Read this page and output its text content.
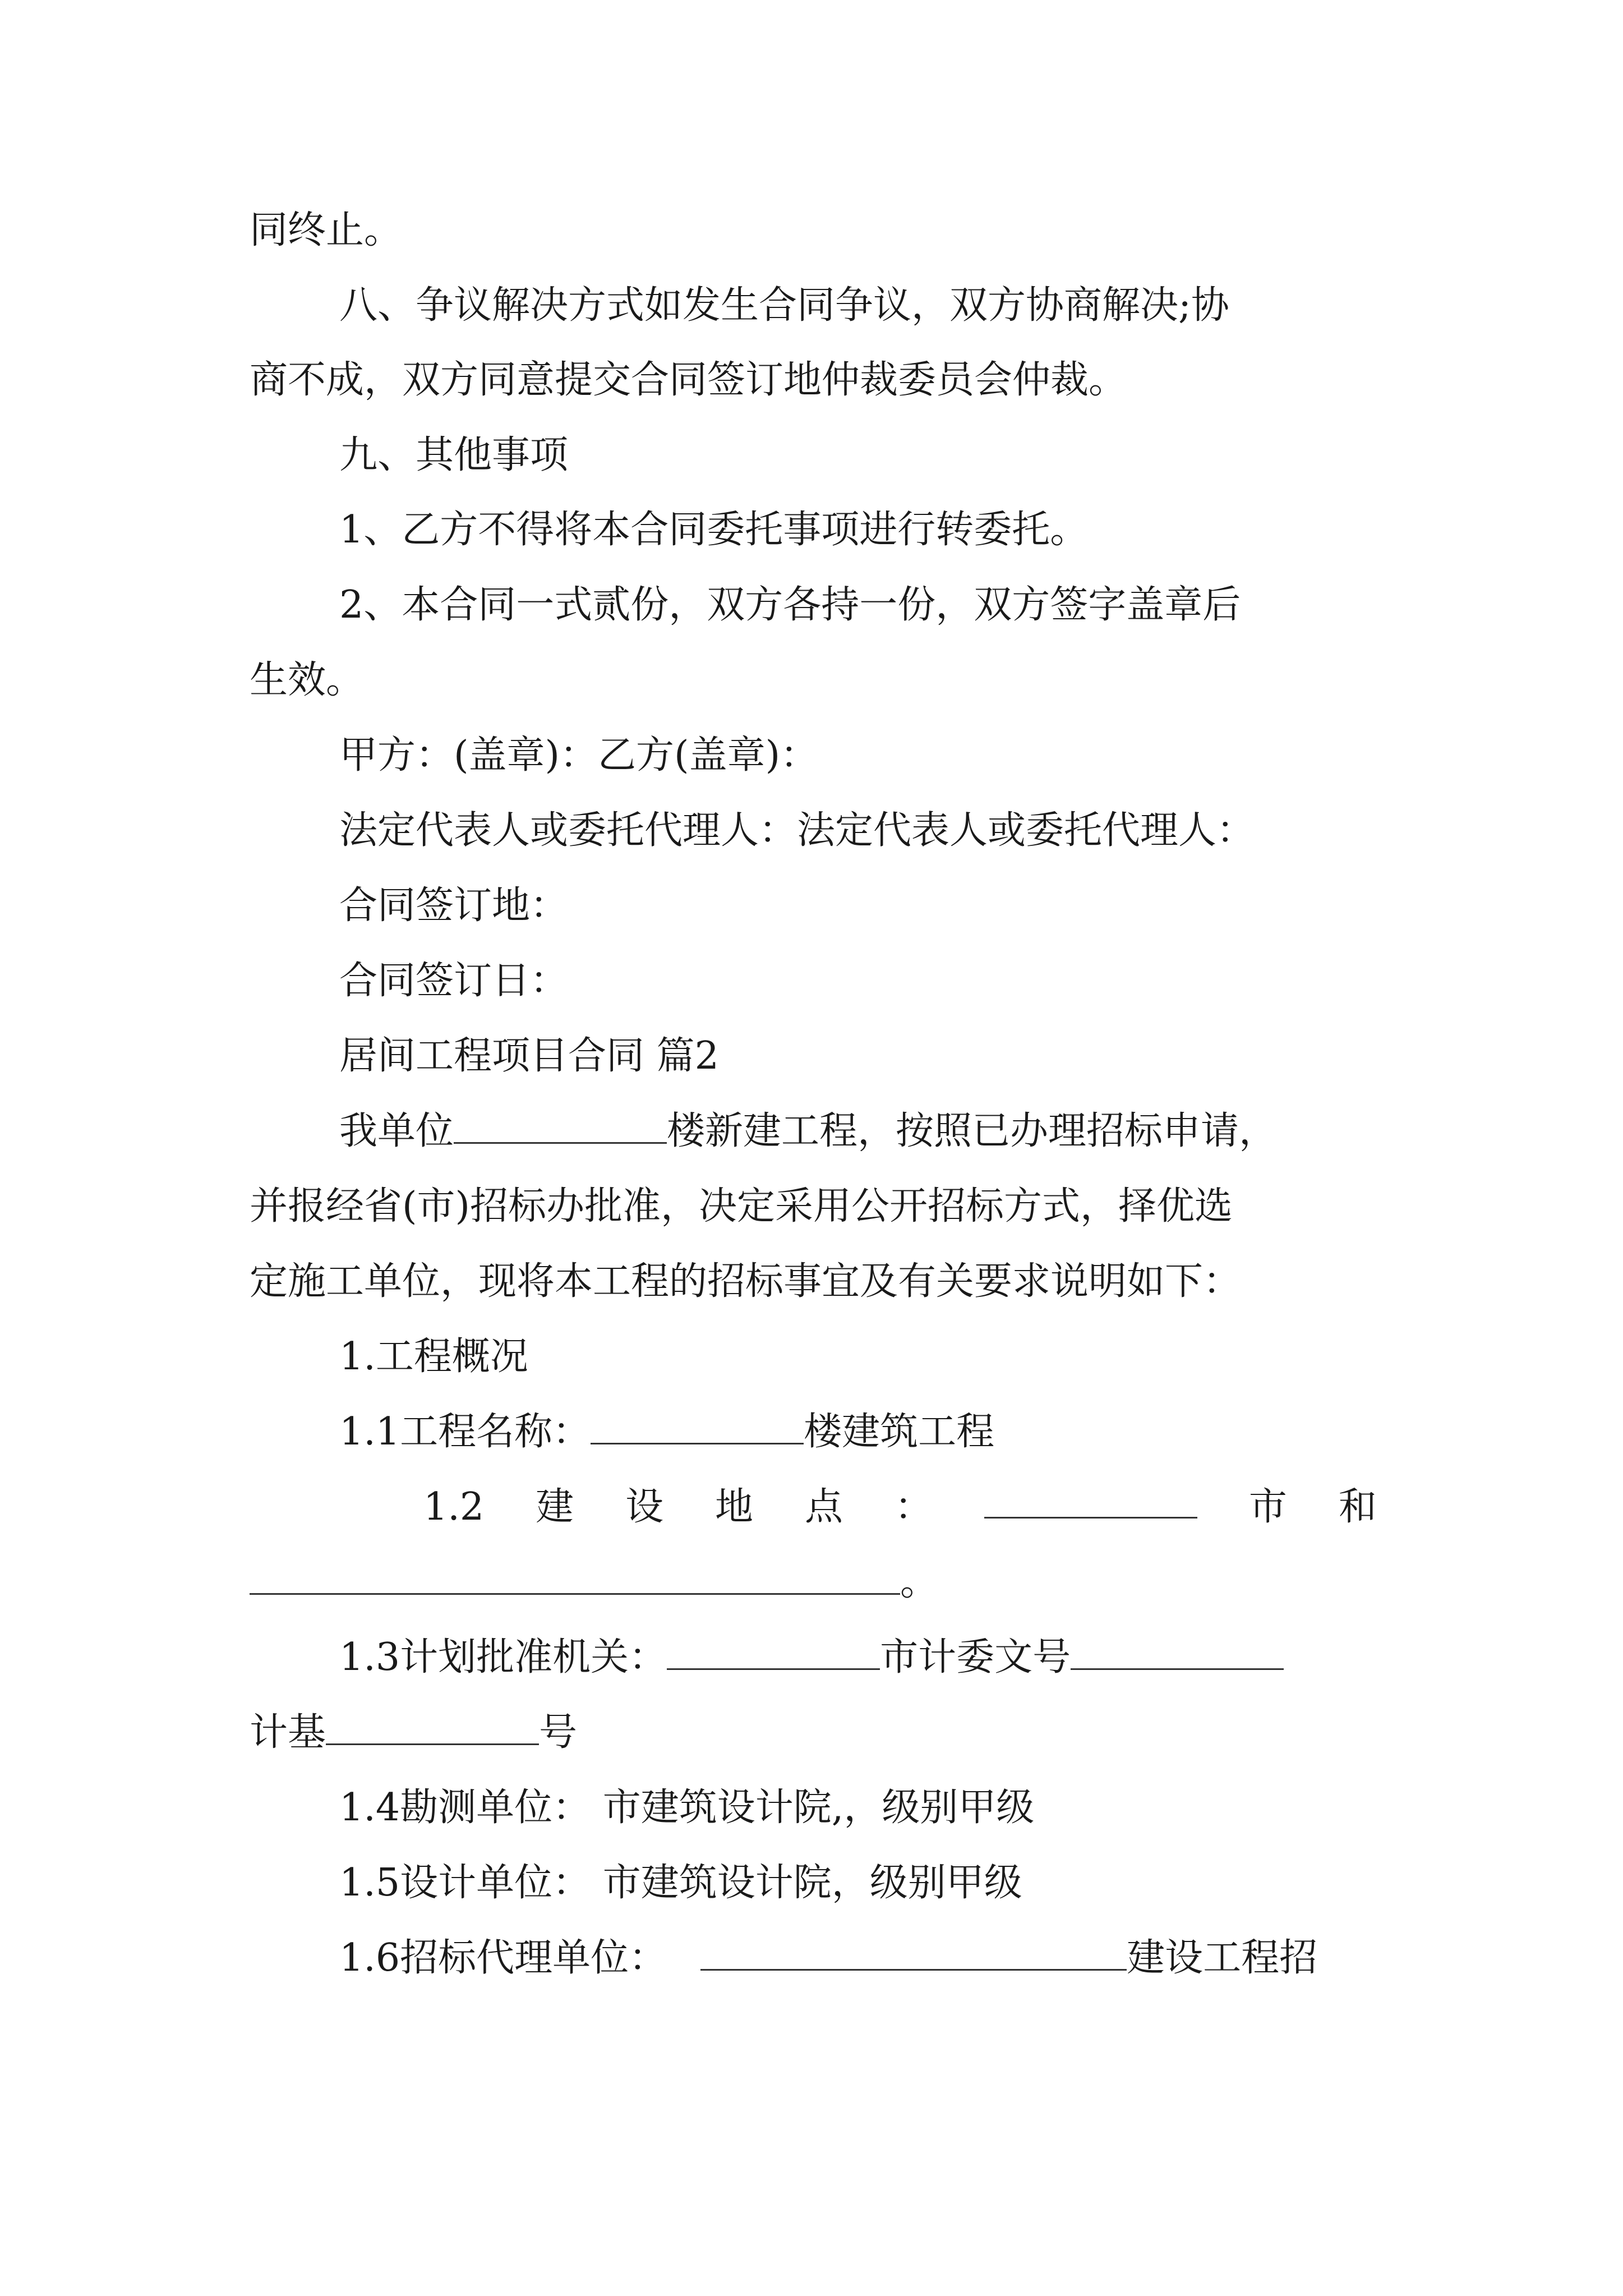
同终止。
八、争议解决方式如发生合同争议，双方协商解决;协
商不成，双方同意提交合同签订地仲裁委员会仲裁。
九、其他事项
1、乙方不得将本合同委托事项进行转委托。
2、本合同一式贰份，双方各持一份，双方签字盖章后
生效。
甲方：(盖章)：乙方(盖章)：
法定代表人或委托代理人：法定代表人或委托代理人：
合同签订地：
合同签订日：
居间工程项目合同 篇2
我单位	楼新建工程，按照已办理招标申请，
并报经省(市)招标办批准，决定采用公开招标方式，择优选
定施工单位，现将本工程的招标事宜及有关要求说明如下：
1.工程概况
1.1工程名称：	楼建筑工程
1.2 建 设 地 点 ：	市 和
。
1.3计划批准机关：	市计委文号
计基	号
1.4勘测单位： 市建筑设计院,，级别甲级
1.5设计单位： 市建筑设计院，级别甲级
1.6招标代理单位：	建设工程招
